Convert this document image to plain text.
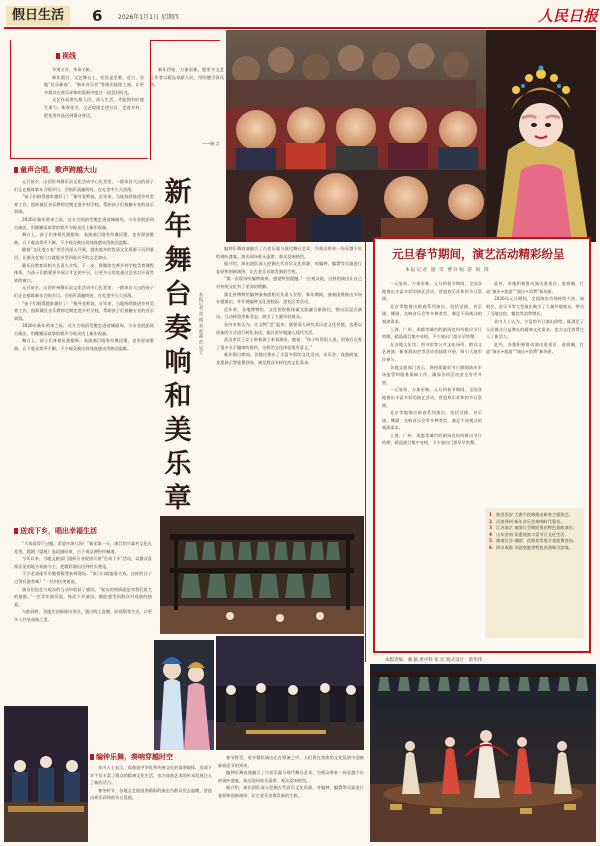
假日生活	6	2026年1月1日 星期四	人民日报
视线

辛夷又开，华章又新。

新年假日，文艺舞台上，处处是笙歌。近日，各地“民乐新春”、“新年音乐会”等演出陆续上演，让更多群众在欢乐祥和的氛围中度过一段美好时光。

文艺作品要扎根人民、深入生活，才能拥有旺盛生命力。新春佳节，文艺院团走进社区、走进乡村，把优秀作品送到群众身边。

新年伊始，万象更新。愿更多文艺工作者以精品奉献人民，用明德引领风尚。

——晓 言
新年舞台奏响和美乐章
本报记者 郑 娜 刘 新鑫 范 昊天
童声合唱，歌声跨越大山

元旦前夕，山西忻州静乐县文化活动中心礼堂里，一群来自大山的孩子们正在排练新年合唱节目。合唱声清澈明亮，在礼堂中久久回荡。

“孩子们唱得越来越好了！”指导老师说。近年来，当地持续推进乡村美育工作，组织城区音乐教师定期走进乡村学校，帮助孩子们接触专业的音乐训练。

2026年新年到来之际，这支合唱团受邀走进省城剧场，与专业院团同台演出，用稚嫩而真挚的歌声为观众送上新年祝福。

舞台上，孩子们身着民族服饰，表演曲目既有经典民歌，也有原创歌曲。台下观众掌声不断，不少观众被这份纯真感动得热泪盈眶。

随着“文化进万家”等活动深入开展，越来越多的优质文化资源下沉到基层，让群众在家门口就能享受到高水平的文艺演出。

静乐县教育局相关负责人介绍，下一步，将继续完善乡村学校美育课程体系，为孩子们搭建更多展示才艺的平台，让更多山里娃通过艺术打开看世界的窗口。

元旦前夕，山西忻州静乐县文化活动中心礼堂里，一群来自大山的孩子们正在排练新年合唱节目。合唱声清澈明亮，在礼堂中久久回荡。

“孩子们唱得越来越好了！”指导老师说。近年来，当地持续推进乡村美育工作，组织城区音乐教师定期走进乡村学校，帮助孩子们接触专业的音乐训练。

2026年新年到来之际，这支合唱团受邀走进省城剧场，与专业院团同台演出，用稚嫩而真挚的歌声为观众送上新年祝福。

舞台上，孩子们身着民族服饰，表演曲目既有经典民歌，也有原创歌曲。台下观众掌声不断，不少观众被这份纯真感动得热泪盈眶。

送戏下乡，唱出幸福生活

“大戏看得不过瘾，希望多演几场！”新年第一天，浙江绍兴某村文化礼堂里，越剧《梁祝》选段刚结束，台下观众便纷纷喊道。

今年以来，当地文旅部门组织专业院团开展“送戏下乡”活动，以群众喜闻乐见的地方戏曲为主，把精彩演出送到村头巷尾。

不少老戏迷早早搬着板凳来到现场。“家门口就能看大戏，这样的日子过得有滋有味！”一位村民笑着说。

演员们也在与观众的互动中收获了感动。“观众的热情就是对我们最大的鼓励。”一位青年演员说，每次下乡演出，都能感受到群众对戏曲的热爱。

与此同时，各地还创新演出形式，通过线上直播、短视频等方式，让更多人共享戏曲之美。

编钟乐舞表演融合了古老乐器与现代舞台艺术，为观众带来一场穿越千年的视听盛宴。演出现场座无虚席，观众反响热烈。

据介绍，演出团队深入挖掘古代音乐文化资源，对编钟、编磬等乐器进行复原和创新演绎，让古老乐音焕发新的生机。

“第一次现场听编钟演奏，感觉特别震撼。”一位观众说，这样的演出让自己对传统文化有了更深的理解。

湖北省博物馆编钟演奏团相关负责人介绍，新年期间，演奏团将推出多场专题演出，并开展编钟文化进校园、进社区等活动。

近年来，各地博物馆、文化馆积极探索文旅融合新路径，推出沉浸式演出、互动体验等新业态，吸引了大量年轻观众。

业内专家认为，让文物“活”起来，既要深入研究其历史文化价值，也要以创新的方式进行转化表达，使其更好地融入现代生活。

武汉市民王女士带着孩子来看演出，她说：“孩子听得很入迷，回家后还查了很多关于编钟的资料，这样的文化体验很有意义。”

新年假日期间，各地还推出了丰富多彩的文化活动，音乐会、戏曲展演、非遗展示等轮番登场，满足群众多样化的文化需求。

元旦春节期间，演艺活动精彩纷呈
本报记者 施 雯 曹玲娟 游 锐 锋

一元复始，万象更新。元旦到春节期间，全国各地推出丰富多彩的演艺活动，营造欢乐祥和的节日氛围。

北京等地推出新春系列演出，包括话剧、音乐剧、舞剧、交响音乐会等多种类型，满足不同观众的观演需求。

上海、广州、成都等城市的剧场也纷纷排出节日档期，精品剧目集中亮相，不少演出门票早早售罄。

在各地文化馆、图书馆等公共文化场所，群众文艺展演、新春游园会等活动也陆续开展，吸引大批市民参与。

各地文旅部门表示，将持续做好节日期间演出市场监管和服务保障工作，确保各项活动安全有序开展。

一元复始，万象更新。元旦到春节期间，全国各地推出丰富多彩的演艺活动，营造欢乐祥和的节日氛围。

北京等地推出新春系列演出，包括话剧、音乐剧、舞剧、交响音乐会等多种类型，满足不同观众的观演需求。

上海、广州、成都等城市的剧场也纷纷排出节日档期，精品剧目集中亮相，不少演出门票早早售罄。

此外，各地积极推动演出进景区、进商圈，打造“演出+旅游”“演出+消费”新场景。

2026年元旦期间，全国演出市场持续火热，演唱会、音乐节等大型演出吸引了大量外地观众，带动了当地住宿、餐饮等消费增长。

业内人士认为，丰富的节日演出供给，既满足了人民群众日益增长的精神文化需求，也为文化消费注入了新活力。

此外，各地积极推动演出进景区、进商圈，打造“演出+旅游”“演出+消费”新场景。

1．陕西西安 大唐不夜城推出新春主题演艺。
2．河南郑州 新年音乐会奏响时代强音。
3．江苏南京 秦淮灯会期间推出特色戏曲演出。
4．山东济南 非遗展演丰富节日文化生活。
5．湖南长沙 湘剧、花鼓戏等地方戏轮番登场。
6．四川成都 川剧变脸等特色表演吸引游客。
本版责编：潘 颖 唐中科 张 臣 版式设计：蔡华伟
编钟乐舞，奏响穿越时空

业内人士表示，戏曲是中华优秀传统文化的重要载体，送戏下乡不仅丰富了群众的精神文化生活，也为戏曲艺术的传承发展注入了新的活力。

寒冬时节，各地文艺院团用精彩的演出为群众送去温暖，营造出欢乐祥和的节日氛围。

春节将至，更多精彩演出正在筹备之中，人们将在浓浓的文化氛围中迎接新春佳节的到来。

编钟乐舞表演融合了古老乐器与现代舞台艺术，为观众带来一场穿越千年的视听盛宴。演出现场座无虚席，观众反响热烈。

据介绍，演出团队深入挖掘古代音乐文化资源，对编钟、编磬等乐器进行复原和创新演绎，让古老乐音焕发新的生机。
